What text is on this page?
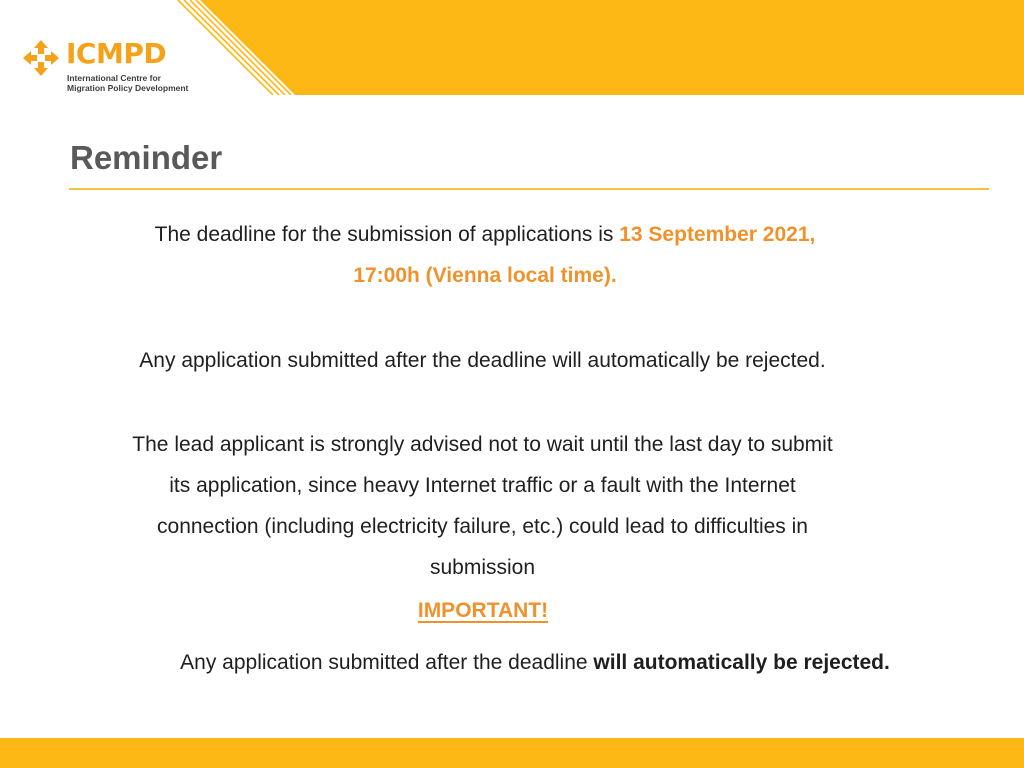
ICMPD
International Centre for
Migration Policy Development
Reminder

The deadline for the submission of applications is 13 September 2021,
17:00h (Vienna local time).

Any application submitted after the deadline will automatically be rejected.

The lead applicant is strongly advised not to wait until the last day to submit
its application, since heavy Internet traffic or a fault with the Internet
connection (including electricity failure, etc.) could lead to difficulties in
submission

IMPORTANT!

Any application submitted after the deadline will automatically be rejected.
